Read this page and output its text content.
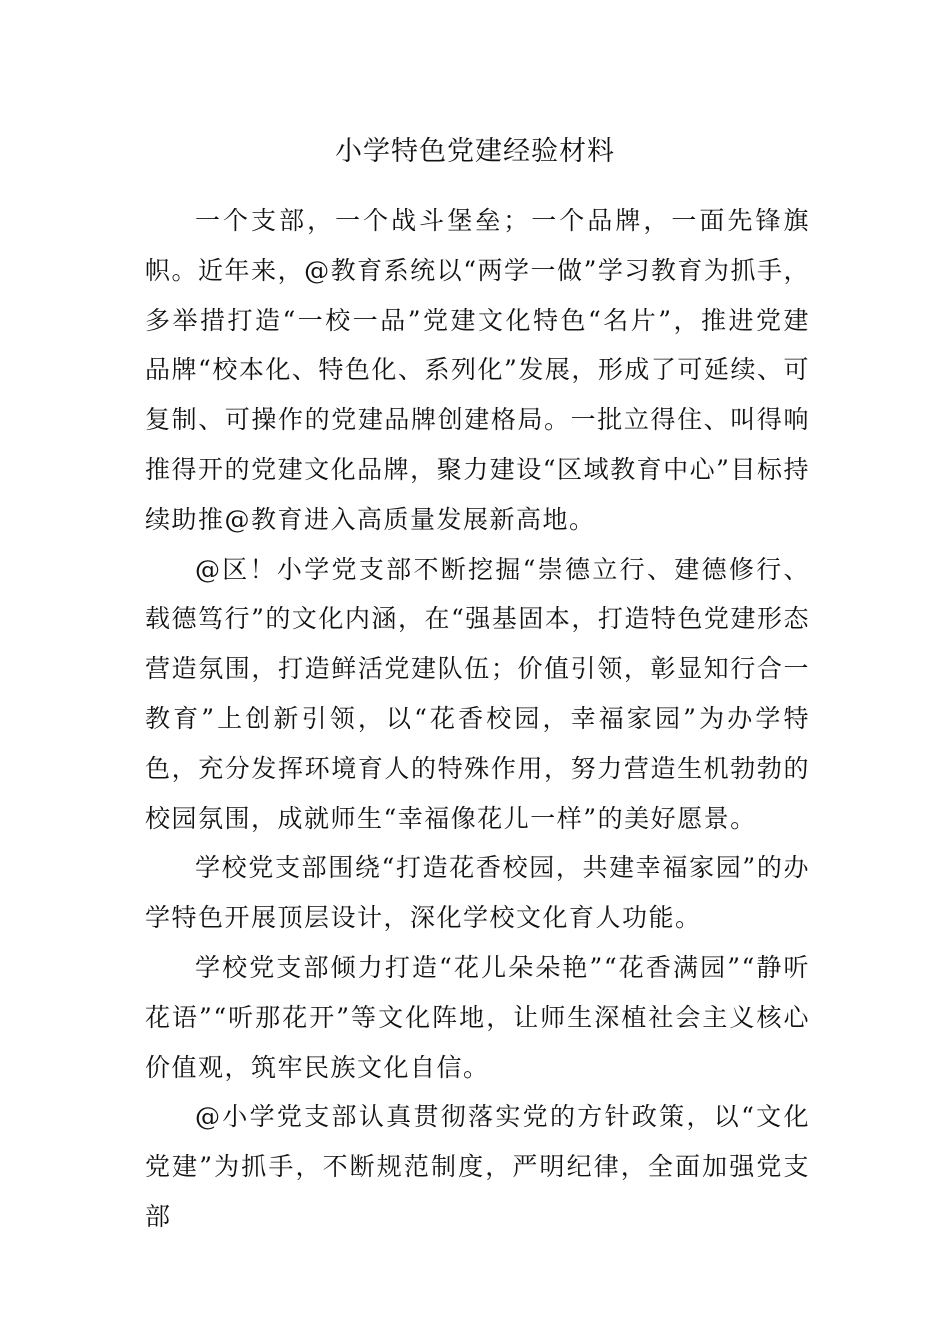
小学特色党建经验材料

一个支部，一个战斗堡垒；一个品牌，一面先锋旗帜。近年来，@教育系统以“两学一做”学习教育为抓手，多举措打造“一校一品”党建文化特色“名片”，推进党建品牌“校本化、特色化、系列化”发展，形成了可延续、可复制、可操作的党建品牌创建格局。一批立得住、叫得响推得开的党建文化品牌，聚力建设“区域教育中心”目标持续助推@教育进入高质量发展新高地。

@区！小学党支部不断挖掘“崇德立行、建德修行、载德笃行”的文化内涵，在“强基固本，打造特色党建形态营造氛围，打造鲜活党建队伍；价值引领，彰显知行合一教育”上创新引领，以“花香校园，幸福家园”为办学特色，充分发挥环境育人的特殊作用，努力营造生机勃勃的校园氛围，成就师生“幸福像花儿一样”的美好愿景。

学校党支部围绕“打造花香校园，共建幸福家园”的办学特色开展顶层设计，深化学校文化育人功能。

学校党支部倾力打造“花儿朵朵艳”“花香满园”“静听花语”“听那花开”等文化阵地，让师生深植社会主义核心价值观，筑牢民族文化自信。

@小学党支部认真贯彻落实党的方针政策，以“文化党建”为抓手，不断规范制度，严明纪律，全面加强党支部
